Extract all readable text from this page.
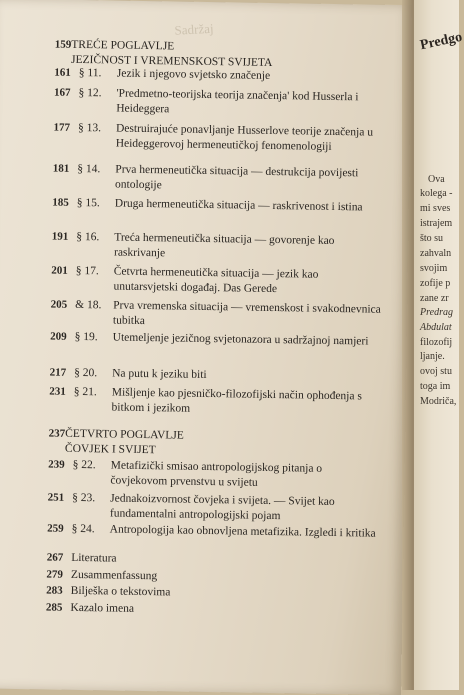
Sadržaj
159 TREĆE POGLAVLJE
JEZIČNOST I VREMENSKOST SVIJETA
161 § 11.	Jezik i njegovo svjetsko značenje
167 § 12.	'Predmetno-teorijska teorija značenja' kod Husserla i Heideggera
177 § 13.	Destruirajuće ponavljanje Husserlove teorije značenja u Heideggerovoj hermeneutičkoj fenomenologiji
181 § 14.	Prva hermeneutička situacija — destrukcija povijesti ontologije
185 § 15.	Druga hermeneutička situacija — raskrivenost i istina
191 § 16.	Treća hermeneutička situacija — govorenje kao raskrivanje
201 § 17.	Četvrta hermeneutička situacija — jezik kao unutarsvjetski događaj. Das Gerede
205 & 18.	Prva vremenska situacija — vremenskost i svakodnevnica tubitka
209 § 19.	Utemeljenje jezičnog svjetonazora u sadržajnoj namjeri
217 § 20.	Na putu k jeziku biti
231 § 21.	Mišljenje kao pjesničko-filozofijski način ophođenja s bitkom i jezikom
237 ČETVRTO POGLAVLJE
ČOVJEK I SVIJET
239 § 22.	Metafizički smisao antropologijskog pitanja o čovjekovom prvenstvu u svijetu
251 § 23.	Jednakoizvornost čovjeka i svijeta. — Svijet kao fundamentalni antropologijski pojam
259 § 24.	Antropologija kao obnovljena metafizika. Izgledi i kritika
267 Literatura
279 Zusammenfassung
283 Bilješka o tekstovima
285 Kazalo imena
Predgo
Ova
kolega -
mi sves
istrajem
što su
zahvaln
svojim
zofije p
zane zr
Predrag
Abdulat
filozofij
ljanje.
ovoj stu
toga im
Modriča,
